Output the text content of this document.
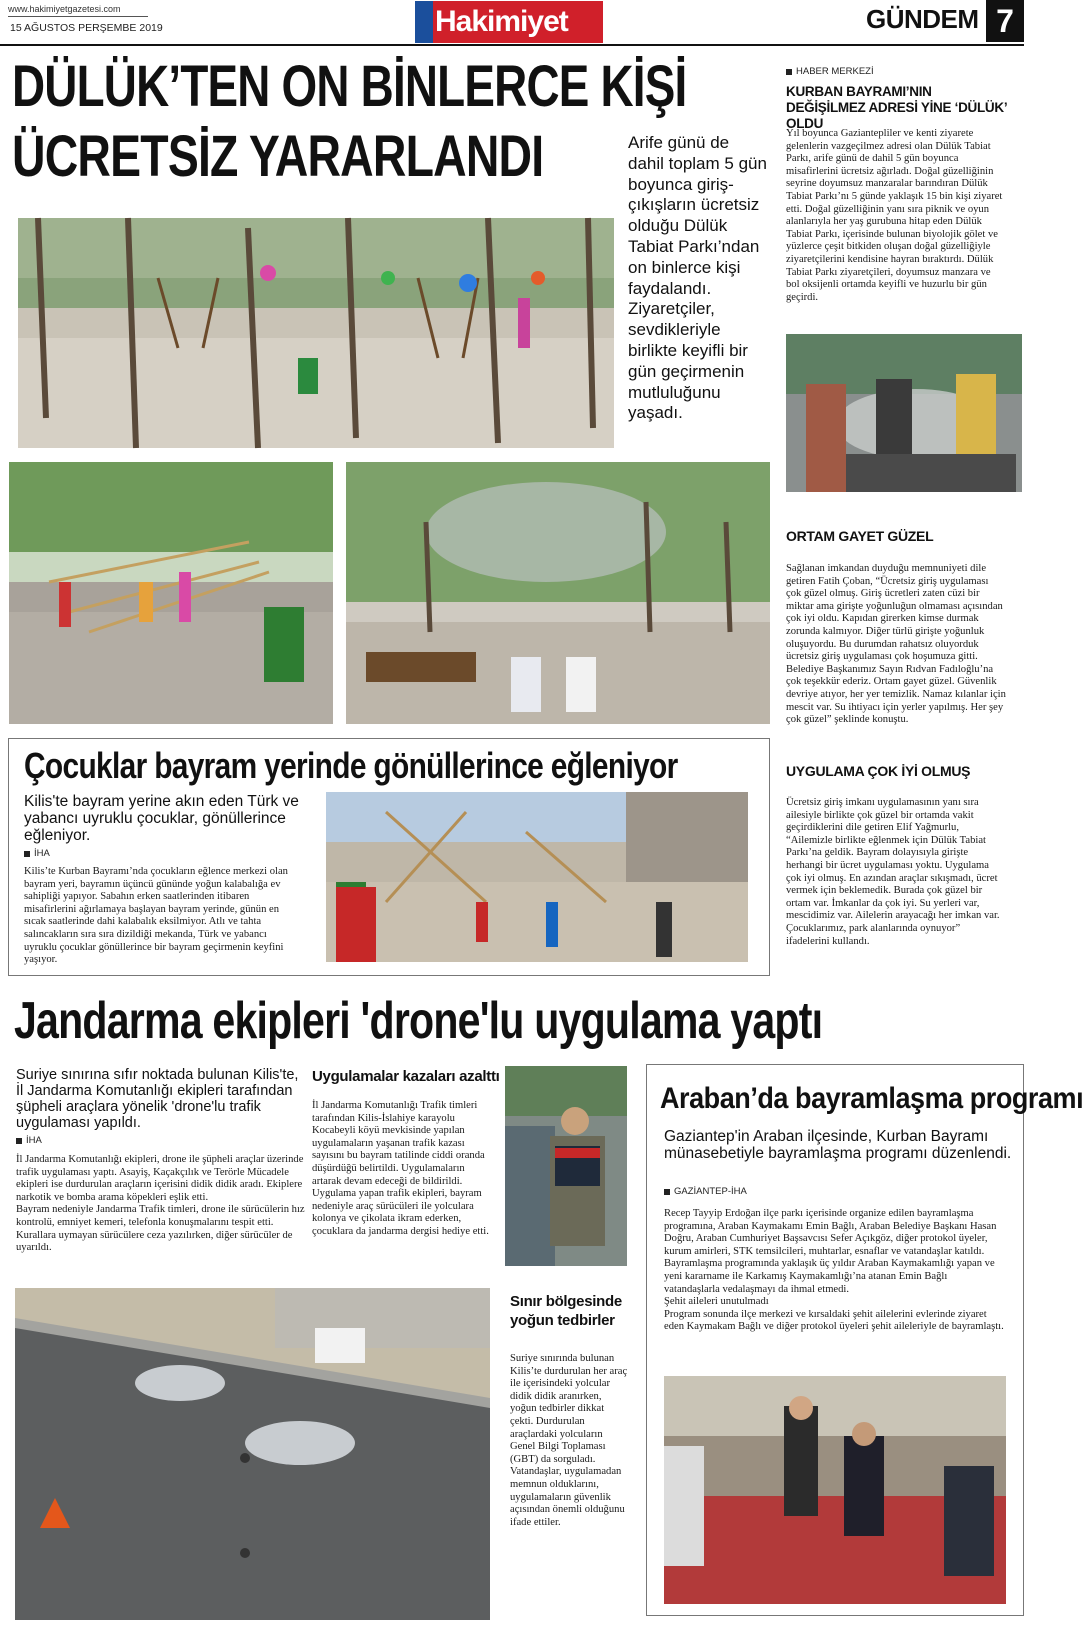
www.hakimiyetgazetesi.com
15 AĞUSTOS PERŞEMBE 2019	Hakimiyet	GÜNDEM 7
DÜLÜK’TEN ON BİNLERCE KİŞİ
ÜCRETSİZ YARARLANDI	Arife günü de dahil toplam 5 gün boyunca giriş-çıkışların ücretsiz olduğu Dülük Tabiat Parkı’ndan on binlerce kişi faydalandı. Ziyaretçiler, sevdikleriyle birlikte keyifli bir gün geçirmenin mutluluğunu yaşadı.

HABER MERKEZİ
KURBAN BAYRAMI’NIN DEĞİŞİLMEZ ADRESİ YİNE ‘DÜLÜK’ OLDU

Yıl boyunca Gaziantepliler ve kenti ziyarete gelenlerin vazgeçilmez adresi olan Dülük Tabiat Parkı, arife günü de dahil 5 gün boyunca misafirlerini ücretsiz ağırladı. Doğal güzelliğinin seyrine doyumsuz manzaralar barındıran Dülük Tabiat Parkı’nı 5 günde yaklaşık 15 bin kişi ziyaret etti. Doğal güzelliğinin yanı sıra piknik ve oyun alanlarıyla her yaş gurubuna hitap eden Dülük Tabiat Parkı, içerisinde bulunan biyolojik gölet ve yüzlerce çeşit bitkiden oluşan doğal güzelliğiyle ziyaretçilerini kendisine hayran bıraktırdı. Dülük Tabiat Parkı ziyaretçileri, doyumsuz manzara ve bol oksijenli ortamda keyifli ve huzurlu bir gün geçirdi.

ORTAM GAYET GÜZEL

Sağlanan imkandan duyduğu memnuniyeti dile getiren Fatih Çoban, “Ücretsiz giriş uygulaması çok güzel olmuş. Giriş ücretleri zaten cüzi bir miktar ama girişte yoğunluğun olmaması açısından çok iyi oldu. Kapıdan girerken kimse durmak zorunda kalmıyor. Diğer türlü girişte yoğunluk oluşuyordu. Bu durumdan rahatsız oluyorduk ücretsiz giriş uygulaması çok hoşumuza gitti. Belediye Başkanımız Sayın Rıdvan Fadıloğlu’na çok teşekkür ederiz. Ortam gayet güzel. Güvenlik devriye atıyor, her yer temizlik. Namaz kılanlar için mescit var. Su ihtiyacı için yerler yapılmış. Her şey çok güzel” şeklinde konuştu.

UYGULAMA ÇOK İYİ OLMUŞ

Ücretsiz giriş imkanı uygulamasının yanı sıra ailesiyle birlikte çok güzel bir ortamda vakit geçirdiklerini dile getiren Elif Yağmurlu, “Ailemizle birlikte eğlenmek için Dülük Tabiat Parkı’na geldik. Bayram dolayısıyla girişte herhangi bir ücret uygulaması yoktu. Uygulama çok iyi olmuş. En azından araçlar sıkışmadı, ücret vermek için beklemedik. Burada çok güzel bir ortam var. İmkanlar da çok iyi. Su yerleri var, mescidimiz var. Ailelerin arayacağı her imkan var. Çocuklarımız, park alanlarında oynuyor” ifadelerini kullandı.

Çocuklar bayram yerinde gönüllerince eğleniyor

Kilis'te bayram yerine akın eden Türk ve yabancı uyruklu çocuklar, gönüllerince eğleniyor.

İHA

Kilis’te Kurban Bayramı’nda çocukların eğlence merkezi olan bayram yeri, bayramın üçüncü gününde yoğun kalabalığa ev sahipliği yapıyor. Sabahın erken saatlerinden itibaren misafirlerini ağırlamaya başlayan bayram yerinde, günün en sıcak saatlerinde dahi kalabalık eksilmiyor. Atlı ve tahta salıncakların sıra sıra dizildiği mekanda, Türk ve yabancı uyruklu çocuklar gönüllerince bir bayram geçirmenin keyfini yaşıyor.

Jandarma ekipleri 'drone'lu uygulama yaptı

Suriye sınırına sıfır noktada bulunan Kilis'te, İl Jandarma Komutanlığı ekipleri tarafından şüpheli araçlara yönelik 'drone'lu trafik uygulaması yapıldı.

İHA

İl Jandarma Komutanlığı ekipleri, drone ile şüpheli araçlar üzerinde trafik uygulaması yaptı. Asayiş, Kaçakçılık ve Terörle Mücadele ekipleri ise durdurulan araçların içerisini didik didik aradı. Ekiplere narkotik ve bomba arama köpekleri eşlik etti.
Bayram nedeniyle Jandarma Trafik timleri, drone ile sürücülerin hız kontrolü, emniyet kemeri, telefonla konuşmalarını tespit etti. Kurallara uymayan sürücülere ceza yazılırken, diğer sürücüler de uyarıldı.

Uygulamalar kazaları azalttı

İl Jandarma Komutanlığı Trafik timleri tarafından Kilis-İslahiye karayolu Kocabeyli köyü mevkisinde yapılan uygulamaların yaşanan trafik kazası sayısını bu bayram tatilinde ciddi oranda düşürdüğü belirtildi. Uygulamaların artarak devam edeceği de bildirildi.
Uygulama yapan trafik ekipleri, bayram nedeniyle araç sürücüleri ile yolculara kolonya ve çikolata ikram ederken, çocuklara da jandarma dergisi hediye etti.

Sınır bölgesinde yoğun tedbirler

Suriye sınırında bulunan Kilis’te durdurulan her araç ile içerisindeki yolcular didik didik aranırken, yoğun tedbirler dikkat çekti. Durdurulan araçlardaki yolcuların Genel Bilgi Toplaması (GBT) da sorguladı. Vatandaşlar, uygulamadan memnun olduklarını, uygulamaların güvenlik açısından önemli olduğunu ifade ettiler.

Araban’da bayramlaşma programı

Gaziantep'in Araban ilçesinde, Kurban Bayramı münasebetiyle bayramlaşma programı düzenlendi.

GAZİANTEP-İHA

Recep Tayyip Erdoğan ilçe parkı içerisinde organize edilen bayramlaşma programına, Araban Kaymakamı Emin Bağlı, Araban Belediye Başkanı Hasan Doğru, Araban Cumhuriyet Başsavcısı Sefer Açıkgöz, diğer protokol üyeler, kurum amirleri, STK temsilcileri, muhtarlar, esnaflar ve vatandaşlar katıldı.
Bayramlaşma programında yaklaşık üç yıldır Araban Kaymakamlığı yapan ve yeni kararname ile Karkamış Kaymakamlığı’na atanan Emin Bağlı vatandaşlarla vedalaşmayı da ihmal etmedi.
Şehit aileleri unutulmadı
Program sonunda ilçe merkezi ve kırsaldaki şehit ailelerini evlerinde ziyaret eden Kaymakam Bağlı ve diğer protokol üyeleri şehit aileleriyle de bayramlaştı.
